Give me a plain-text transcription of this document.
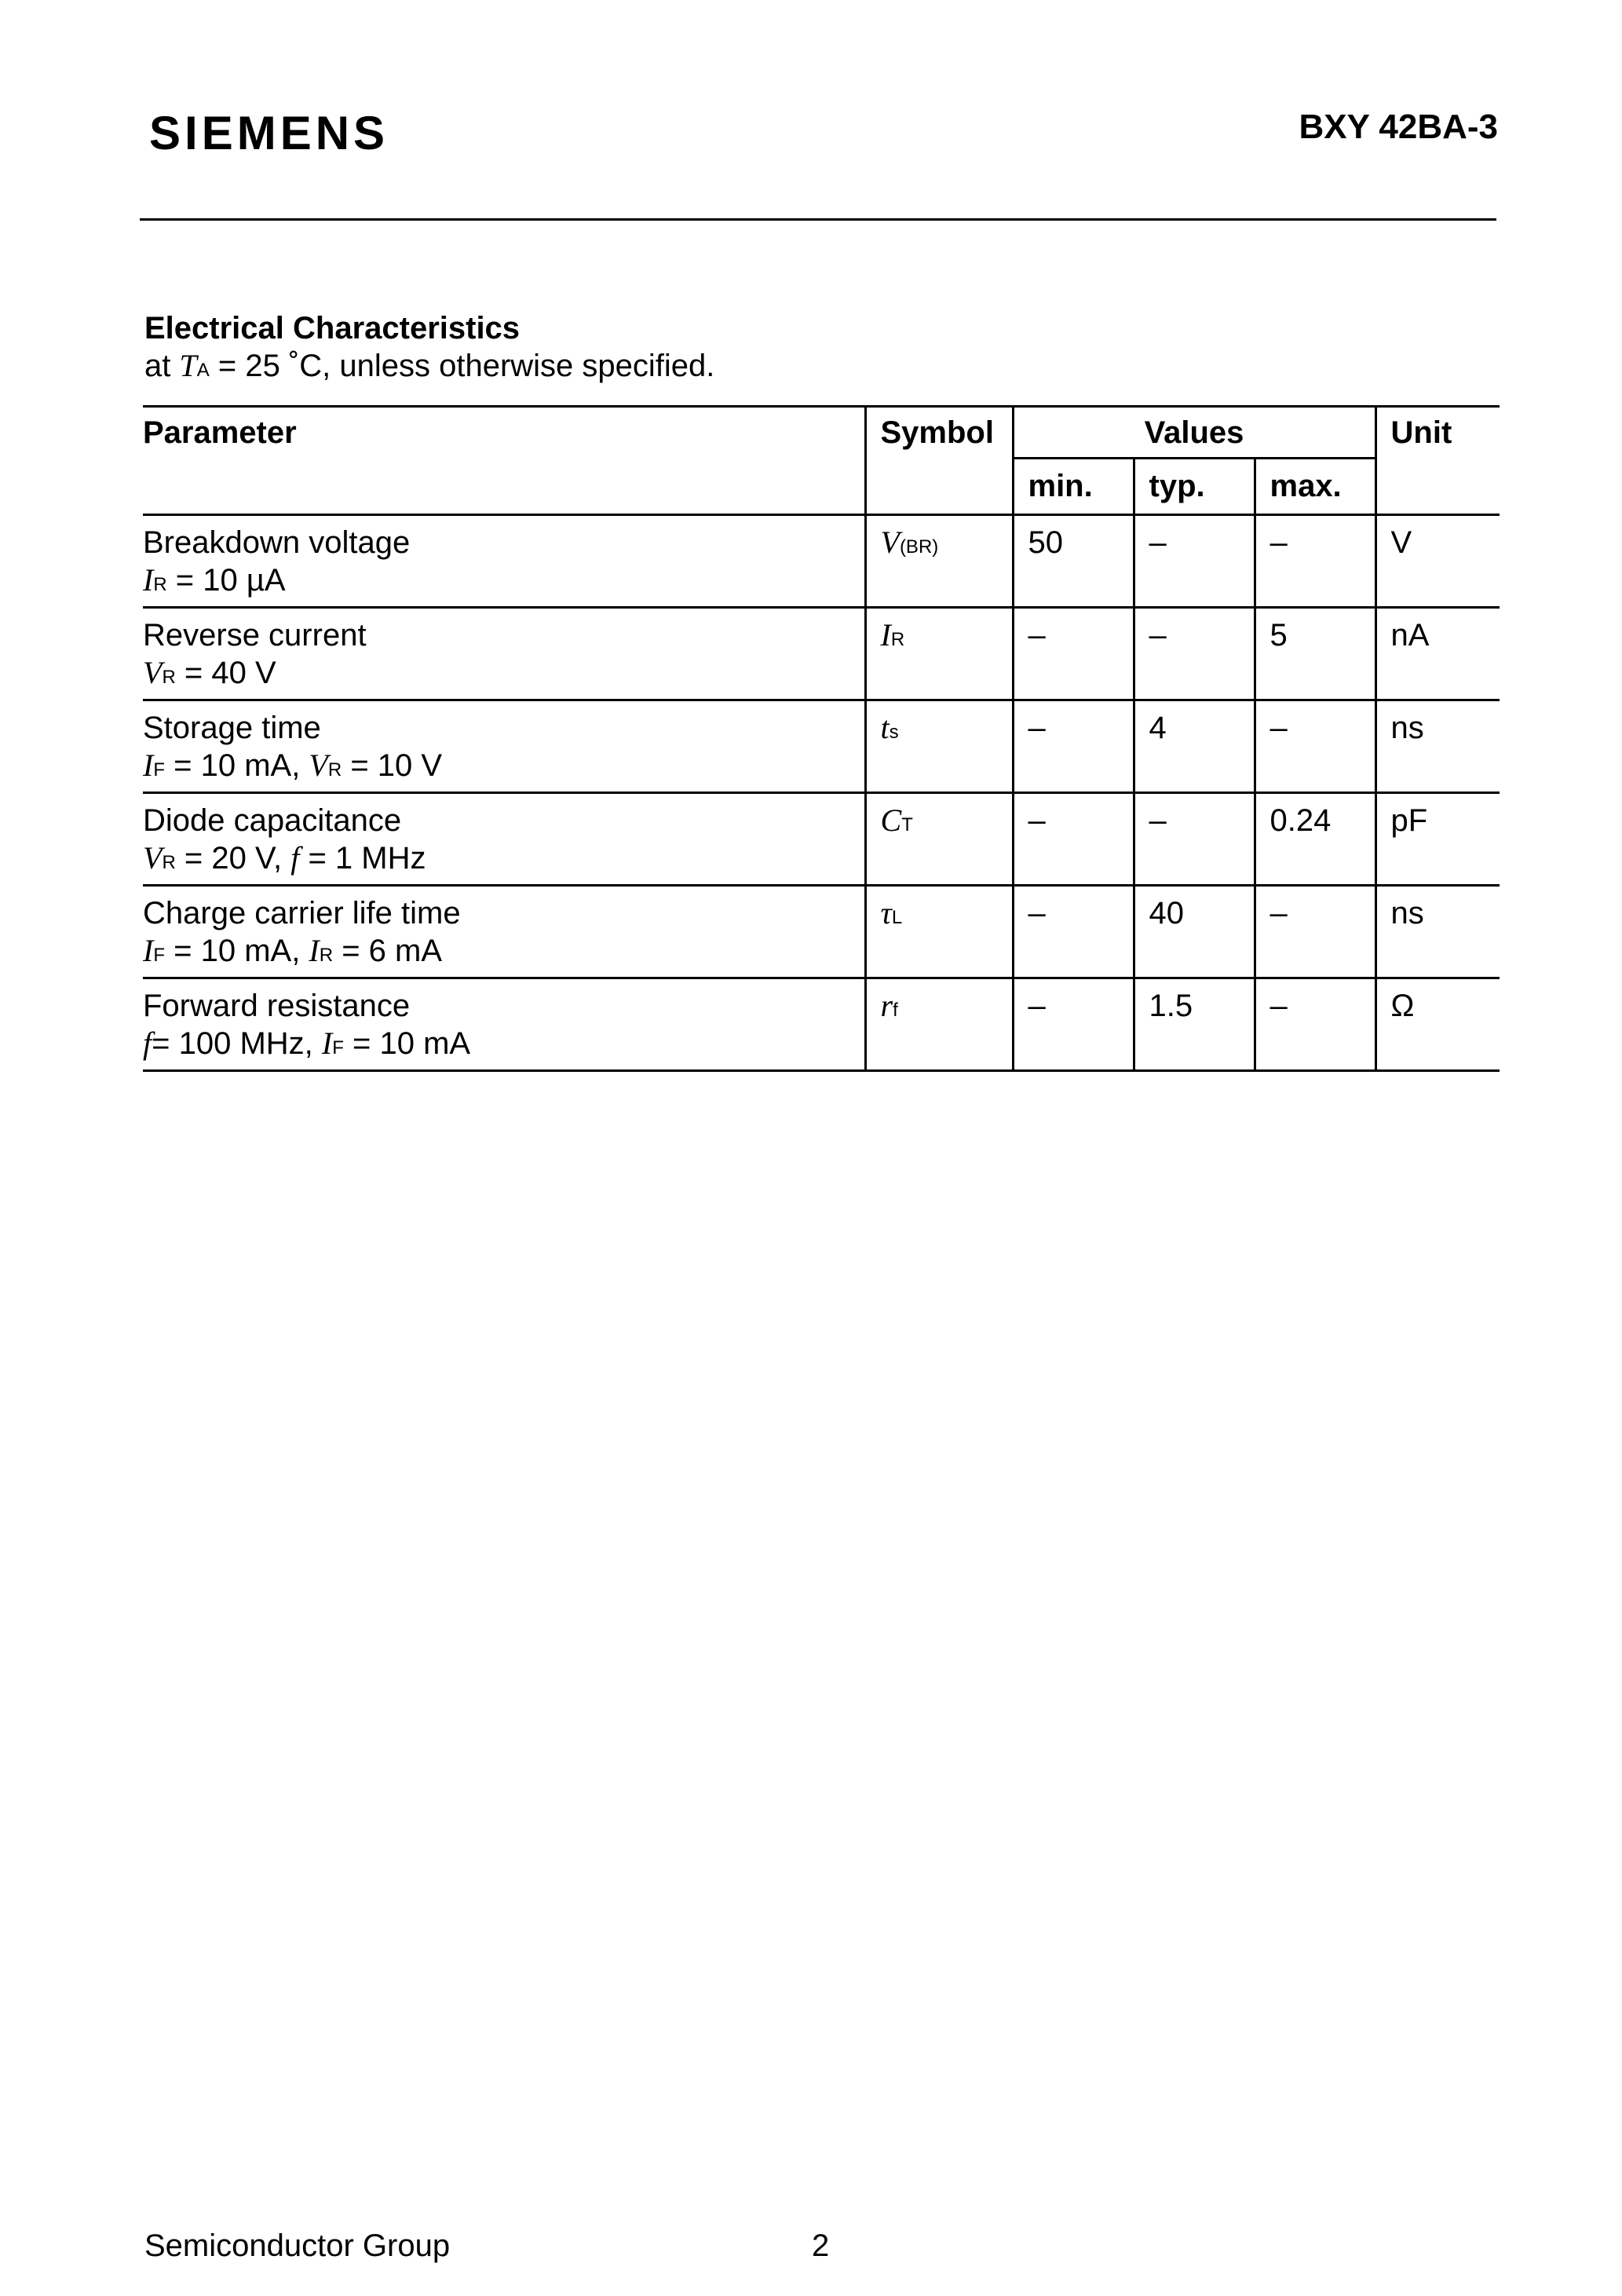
SIEMENS	BXY 42BA-3
Electrical Characteristics
at TA = 25 ˚C, unless otherwise specified.
Parameter	Symbol	Values			Unit
		min.	typ.	max.	

Breakdown voltage
IR = 10 µA	V(BR)	50	–	–	V

Reverse current
VR = 40 V	IR	–	–	5	nA

Storage time
IF = 10 mA, VR = 10 V	ts	–	4	–	ns

Diode capacitance
VR = 20 V, f = 1 MHz	CT	–	–	0.24	pF

Charge carrier life time
IF = 10 mA, IR = 6 mA	τL	–	40	–	ns

Forward resistance
f= 100 MHz, IF = 10 mA	rf	–	1.5	–	Ω
Semiconductor Group	2
